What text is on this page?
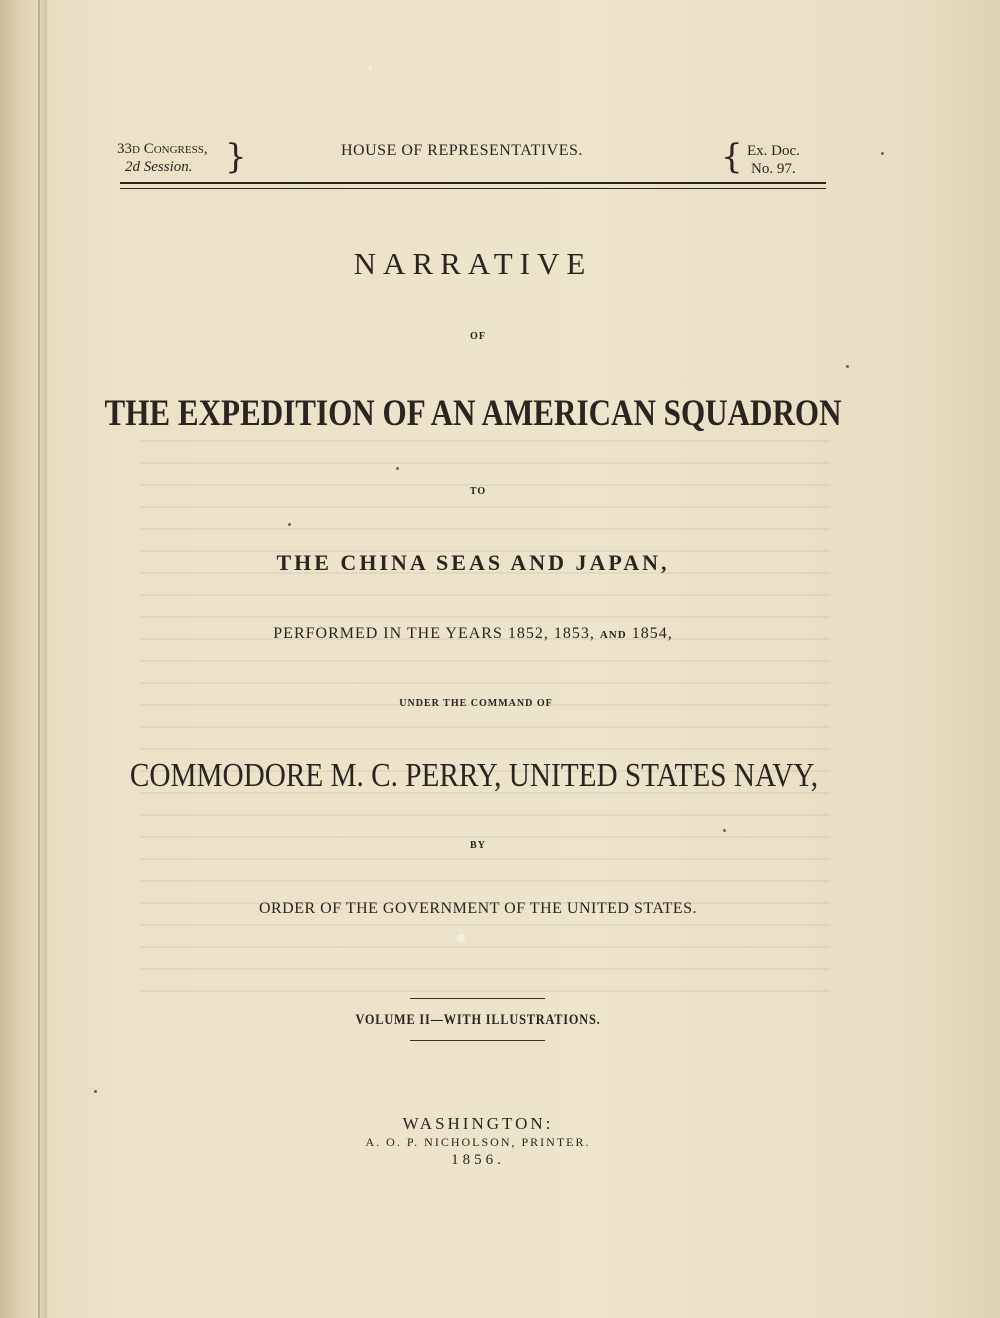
33d Congress,
2d Session. }	HOUSE OF REPRESENTATIVES.	{ Ex. Doc.
No. 97.
NARRATIVE
OF
THE EXPEDITION OF AN AMERICAN SQUADRON
TO
THE CHINA SEAS AND JAPAN,
PERFORMED IN THE YEARS 1852, 1853, and 1854,
UNDER THE COMMAND OF
COMMODORE M. C. PERRY, UNITED STATES NAVY,
BY
ORDER OF THE GOVERNMENT OF THE UNITED STATES.
VOLUME II—WITH ILLUSTRATIONS.
WASHINGTON:
A. O. P. NICHOLSON, PRINTER.
1856.
